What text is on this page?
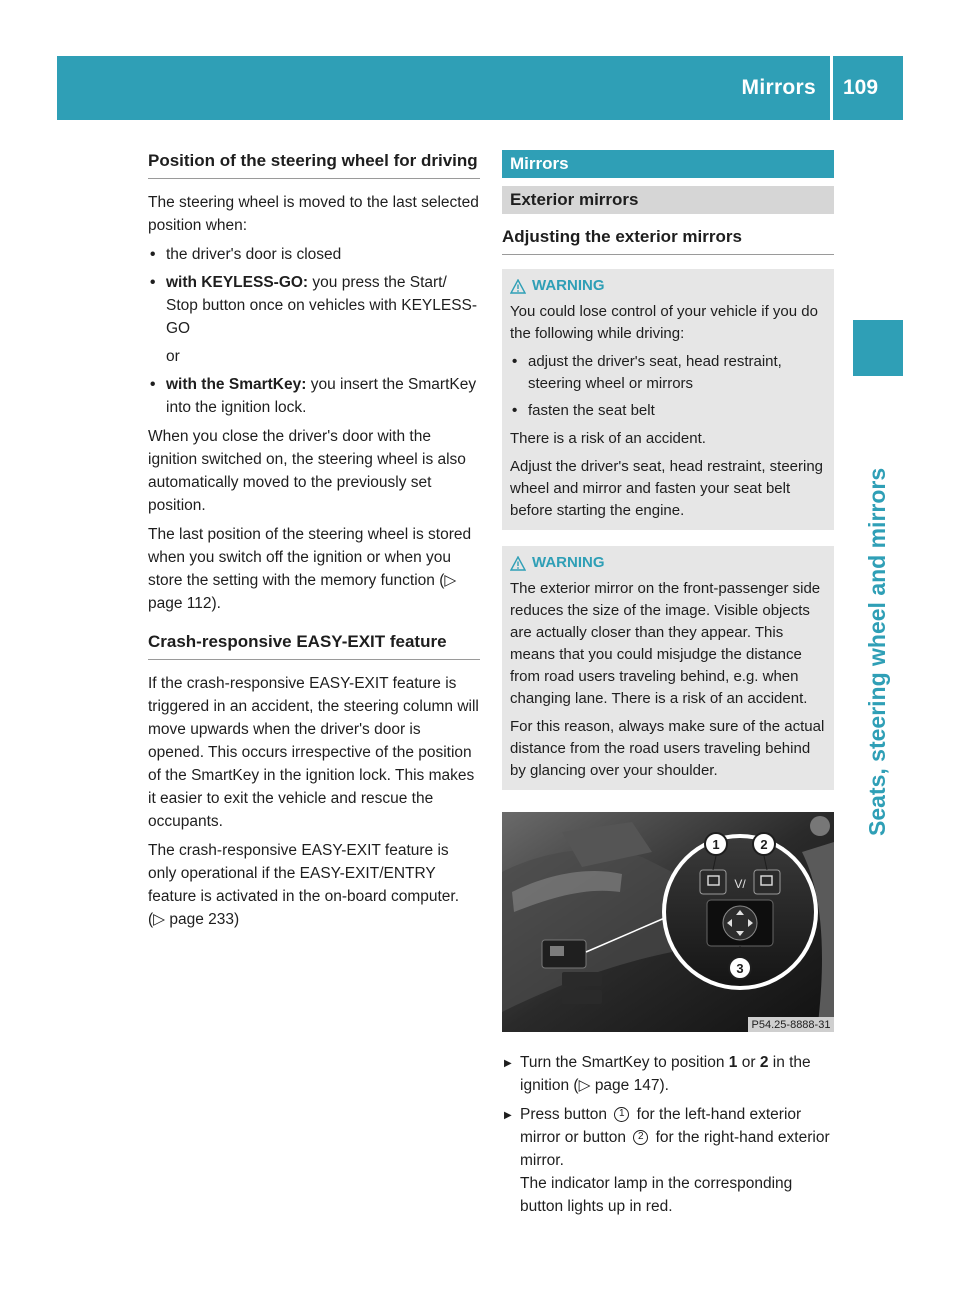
Mirrors	109
Seats, steering wheel and mirrors
Position of the steering wheel for driving

The steering wheel is moved to the last selected position when:

• the driver's door is closed
• with KEYLESS-GO: you press the Start/ Stop button once on vehicles with KEYLESS-GO
or
• with the SmartKey: you insert the SmartKey into the ignition lock.

When you close the driver's door with the ignition switched on, the steering wheel is also automatically moved to the previously set position.

The last position of the steering wheel is stored when you switch off the ignition or when you store the setting with the memory function (▷ page 112).

Crash-responsive EASY-EXIT feature

If the crash-responsive EASY-EXIT feature is triggered in an accident, the steering column will move upwards when the driver's door is opened. This occurs irrespective of the position of the SmartKey in the ignition lock. This makes it easier to exit the vehicle and rescue the occupants.

The crash-responsive EASY-EXIT feature is only operational if the EASY-EXIT/ENTRY feature is activated in the on-board computer. (▷ page 233)

Mirrors
Exterior mirrors
Adjusting the exterior mirrors
WARNING

You could lose control of your vehicle if you do the following while driving:

• adjust the driver's seat, head restraint, steering wheel or mirrors
• fasten the seat belt

There is a risk of an accident.

Adjust the driver's seat, head restraint, steering wheel and mirror and fasten your seat belt before starting the engine.

WARNING

The exterior mirror on the front-passenger side reduces the size of the image. Visible objects are actually closer than they appear. This means that you could misjudge the distance from road users traveling behind, e.g. when changing lane. There is a risk of an accident.

For this reason, always make sure of the actual distance from the road users traveling behind by glancing over your shoulder.

V/
1	2
3
P54.25-8888-31
▶ Turn the SmartKey to position 1 or 2 in the ignition (▷ page 147).
▶ Press button 1 for the left-hand exterior mirror or button 2 for the right-hand exterior mirror.
The indicator lamp in the corresponding button lights up in red.
